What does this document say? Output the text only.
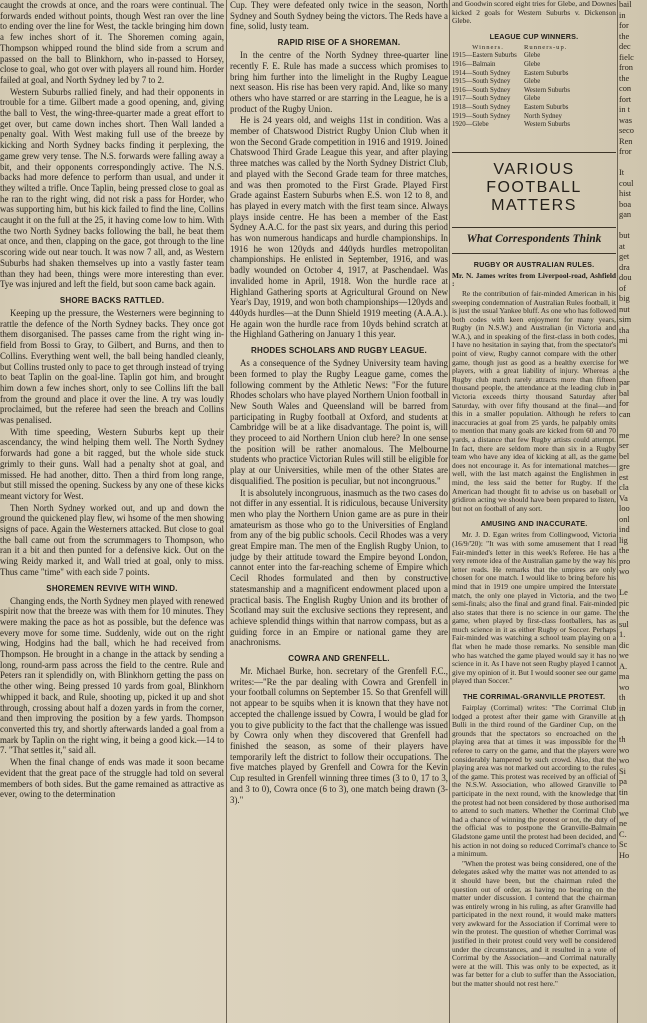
caught the crowds at once, and the roars were continual. The forwards ended without points, though West ran over the line to ending over the line for West, the tackle bringing him down a few inches short of it. The Shoremen coming again, Thompson whipped round the blind side from a scrum and passed on the ball to Blinkhorn, who in-passed to Horsey, close to goal, who got over with players all round him. Horder failed at goal, and North Sydney led by 7 to 2.

Western Suburbs rallied finely, and had their opponents in trouble for a time. Gilbert made a good opening, and, giving the ball to Vest, the wing-three-quarter made a great effort to get over, but came down inches short. Then Wall landed a penalty goal. With West making full use of the breeze by kicking and North Sydney backs finding it perplexing, the game grew very tense. The N.S. forwards were falling away a bit, and their opponents correspondingly active. The N.S. backs had more defence to perform than usual, and under it they wilted a trifle. Once Taplin, being pressed close to goal as he ran to the right wing, did not risk a pass for Horder, who was supporting him, but his kick failed to find the line, Collins caught it on the full at the 25, it having come low to him. With the two North Sydney backs following the ball, he beat them at once, and then, clapping on the gace, got through to the line scoring wide out near touch. It was now 7 all, and, as Western Suburbs had shaken themselves up into a vastly faster team than they had been, things were more interesting than ever. Tye was injured and left the field, but soon came back again.

SHORE BACKS RATTLED.

Keeping up the pressure, the Westerners were beginning to rattle the defence of the North Sydney backs. They once got them disorganised. The passes came from the right wing in-field from Bossi to Gray, to Gilbert, and Burns, and then to Collins. Everything went well, the ball being handled cleanly, but Collins trusted only to pace to get through instead of trying to beat Taplin on the goal-line. Taplin got him, and brought him down a few inches short, only to see Collins lift the ball from the ground and place it over the line. A try was loudly proclaimed, but the referee had seen the breach and Collins was penalised.

With time speeding, Western Suburbs kept up their ascendancy, the wind helping them well. The North Sydney forwards had gone a bit ragged, but the whole side stuck grimly to their guns. Wall had a penalty shot at goal, and missed. He had another, ditto. Then a third from long range, but still missed the opening. Suckess by any one of these kicks meant victory for West.

Then North Sydney worked out, and up and down the ground the quickened play flew, wi hsome of the men showing signs of pace. Again the Westerners attacked. But close to goal the ball came out from the scrummagers to Thompson, who ran it a bit and then punted for a defensive kick. Out on the wing Reidy marked it, and Wall tried at goal, only to miss. Thus came "time" with each side 7 points.

SHOREMEN REVIVE WITH WIND.

Changing ends, the North Sydney men played with renewed spirit now that the breeze was with them for 10 minutes. They were making the pace as hot as possible, but the defence was every move for some time. Suddenly, wide out on the right wing, Hodgins had the ball, which he had received from Thompson. He brought in a change in the attack by sending a long, round-arm pass across the field to the centre. Rule and Peters ran it splendidly on, with Blinkhorn getting the pass on the other wing. Being pressed 10 yards from goal, Blinkhorn whipped it back, and Rule, shooting up, picked it up and shot through, crossing about half a dozen yards in from the corner, and then improving the position by a few yards. Thompson converted this try, and shortly afterwards landed a goal from a mark by Taplin on the right wing, it being a good kick.—14 to 7. "That settles it," said all.

When the final change of ends was made it soon became evident that the great pace of the struggle had told on several members of both sides. But the game remained as attractive as ever, owing to the determination

Cup. They were defeated only twice in the season, North Sydney and South Sydney being the victors. The Reds have a fine, solid, lusty team.

RAPID RISE OF A SHOREMAN.

In the centre of the North Sydney three-quarter line recently F. E. Rule has made a success which promises to bring him further into the limelight in the Rugby League next season. His rise has been very rapid. And, like so many others who have starred or are starring in the League, he is a product of the Rugby Union.

He is 24 years old, and weighs 11st in condition. Was a member of Chatswood District Rugby Union Club when it won the Second Grade competition in 1916 and 1919. Joined Chatswood Third Grade League this year, and after playing three matches was called by the North Sydney District Club, and played with the Second Grade team for three matches, and was then promoted to the First Grade. Played First Grade against Eastern Suburbs when E.S. won 12 to 8, and has played in every match with the first team since. Always plays inside centre. He has been a member of the East Sydney A.A.C. for the past six years, and during this period has won numerous handicaps and hurdle championships. In 1916 he won 120yds and 440yds hurdles metropolitan championships. He enlisted in September, 1916, and was badly wounded on October 4, 1917, at Paschendael. Was invalided home in April, 1918. Won the hurdle race at Highland Gathering sports at Agricultural Ground on New Year's Day, 1919, and won both championships—120yds and 440yds hurdles—at the Dunn Shield 1919 meeting (A.A.A.). He again won the hurdle race from 10yds behind scratch at the Highland Gathering on January 1 this year.

RHODES SCHOLARS AND RUGBY LEAGUE.

As a consequence of the Sydney University team having been formed to play the Rugby League game, comes the following comment by the Athletic News: "For the future Rhodes scholars who have played Northern Union football in New South Wales and Queensland will be barred from participating in Rugby football at Oxford, and students at Cambridge will be at a like disadvantage. The point is, will they proceed to aid Northern Union club here? In one sense the position will be rather anomalous. The Melbourne students who practice Victorian Rules will still be eligible for play at our Universities, while men of the other States are disqualified. The position is peculiar, but not incongruous."

It is absolutely incongruous, inasmuch as the two cases do not differ in any essential. It is ridiculous, because University men who play the Northern Union game are as pure in their amateurism as those who go to the Universities of England from any of the big public schools. Cecil Rhodes was a very great Empire man. The men of the English Rugby Union, to judge by their attitude toward the Empire beyond London, cannot enter into the far-reaching scheme of Empire which Cecil Rhodes formulated and then by constructive statesmanship and a magnificent endowment placed upon a practical basis. The English Rugby Union and its brother of Scotland may suit the exclusive sections they represent, and achieve splendid things within that narrow compass, but as a guiding force in an Empire or national game they are anachronisms.

COWRA AND GRENFELL.

Mr. Michael Burke, hon. secretary of the Grenfell F.C., writes:—"Re the par dealing with Cowra and Grenfell in your football columns on September 15. So that Grenfell will not appear to be squibs when it is known that they have not accepted the challenge issued by Cowra, I would be glad for you to give publicity to the fact that the challenge was issued by Cowra only when they discovered that Grenfell had finished the season, as some of their players have temporarily left the district to follow their occupations. The five matches played by Grenfell and Cowra for the Kevin Cup resulted in Grenfell winning three times (3 to 0, 17 to 3, and 3 to 0), Cowra once (6 to 3), one match being drawn (3-3)."

and Goodwin scored eight tries for Glebe, and Downes kicked 2 goals for Western Suburbs v. Dickenson Glebe.

LEAGUE CUP WINNERS.
Winners.	Runners-up.
1915—Eastern Suburbs	Glebe
1916—Balmain	Glebe
1914—South Sydney	Eastern Suburbs
1915—South Sydney	Glebe
1916—South Sydney	Western Suburbs
1917—South Sydney	Glebe
1918—South Sydney	Eastern Suburbs
1919—South Sydney	North Sydney
1920—Glebe	Western Suburbs
VARIOUS FOOTBALL MATTERS
What Correspondents Think
RUGBY OR AUSTRALIAN RULES.

Mr. N. James writes from Liverpool-road, Ashfield :

Re the contribution of fair-minded American in his sweeping condemnation of Australian Rules football, it is just the usual Yankee bluff. As one who has followed both codes with keen enjoyment for many years, Rugby (in N.S.W.) and Australian (in Victoria and W.A.), and in speaking of the first-class in both codes, I have no hesitation in saying that, from the spectator's point of view, Rugby cannot compare with the other game, though just as good as a healthy exercise for players, with a great liability of injury. Whereas a Rugby club match rarely attracts more than fifteen thousand people, the attendance at the leading club in Victoria exceeds thirty thousand Saturday after Saturday, with over fifty thousand at the final—and this in a smaller population. Although he refers to inaccuracies at goal from 25 yards, he palpably omits to mention that many goals are kicked from 60 and 70 yards, a distance that few Rugby artists could attempt. In fact, there are seldom more than six in a Rugby team who have any idea of kicking at all, as the game does not encourage it. As for international matches—well, with the last match against the Englishmen in mind, the less said the better for Rugby. If the American had thought fit to advise us on baseball or gridiron acting we should have been prepared to listen, but not on football of any sort.

AMUSING AND INACCURATE.

Mr. J. D. Egan writes from Collingwood, Victoria (16/9/'20): "It was with some amusement that I read Fair-minded's letter in this week's Referee. He has a very remote idea of the Australian game by the way his letter reads. He remarks that the umpires are only chosen for one match. I would like to bring before his mind that in 1919 one umpire umpired the Interstate match, the only one played in Victoria, and the two semi-finals; also the final and grand final. Fair-minded also states that there is no science in our game. The game, when played by first-class footballers, has as much science in it as either Rugby or Soccer. Perhaps Fair-minded was watching a school team playing on a flat when he made those remarks. No sensible man who has watched the game played would say it has no science in it. As I have not seen Rugby played I cannot give my opinion of it. But I would sooner see our game played than Soccer."

THE CORRIMAL-GRANVILLE PROTEST.

Fairplay (Corrimal) writes: "The Corrimal Club lodged a protest after their game with Granville at Bulli in the third round of the Gardiner Cup, on the grounds that the spectators so encroached on the playing area that at times it was impossible for the referee to carry on the game, and that the players were considerably hampered by such crowd. Also, that the playing area was not marked out according to the rules of the game. This protest was received by an official of the N.S.W. Association, who allowed Granville to participate in the next round, with the knowledge that the protest had not been considered by those authorised to attend to such matters. Whether the Corrimal Club had a chance of winning the protest or not, the duty of the official was to postpone the Granville-Balmain Gladstone game until the protest had been decided, and his action in not doing so reduced Corrimal's chance to a minimum.

"When the protest was being considered, one of the delegates asked why the matter was not attended to as it should have been, but the chairman ruled the question out of order, as having no bearing on the matter under discussion. I contend that the chairman was entirely wrong in his ruling, as after Granville had participated in the next round, it would make matters very awkward for the Association if Corrimal were to win the protest. The question of whether Corrimal was justified in their protest could very well be considered under the circumstances, and it resulted in a vote of Corrimal by the Association—and Corrimal naturally were at the will. This was only to be expected, as it was far better for a club to suffer than the Association, but the matter should not rest here."

bail
in
for
the
dec
fielc
fron
the
con
fort
in t
was
seco
Ren
fror

It
coul
hist
boa
gan

but
at
get
dra
dou
of
big
nut
sim
tha
mi

we
the
par
bal
for
can

me
ser
bel
gre
est
cla
Va
loo
onl
ind
lig
the
pro
wo

Le
pic
the
sul
1.
dic
we
A.
ma
wo
th
in
th

th
wo
wo
Si
pa
tin
ma
we
ne
C.
Sc
Ho
